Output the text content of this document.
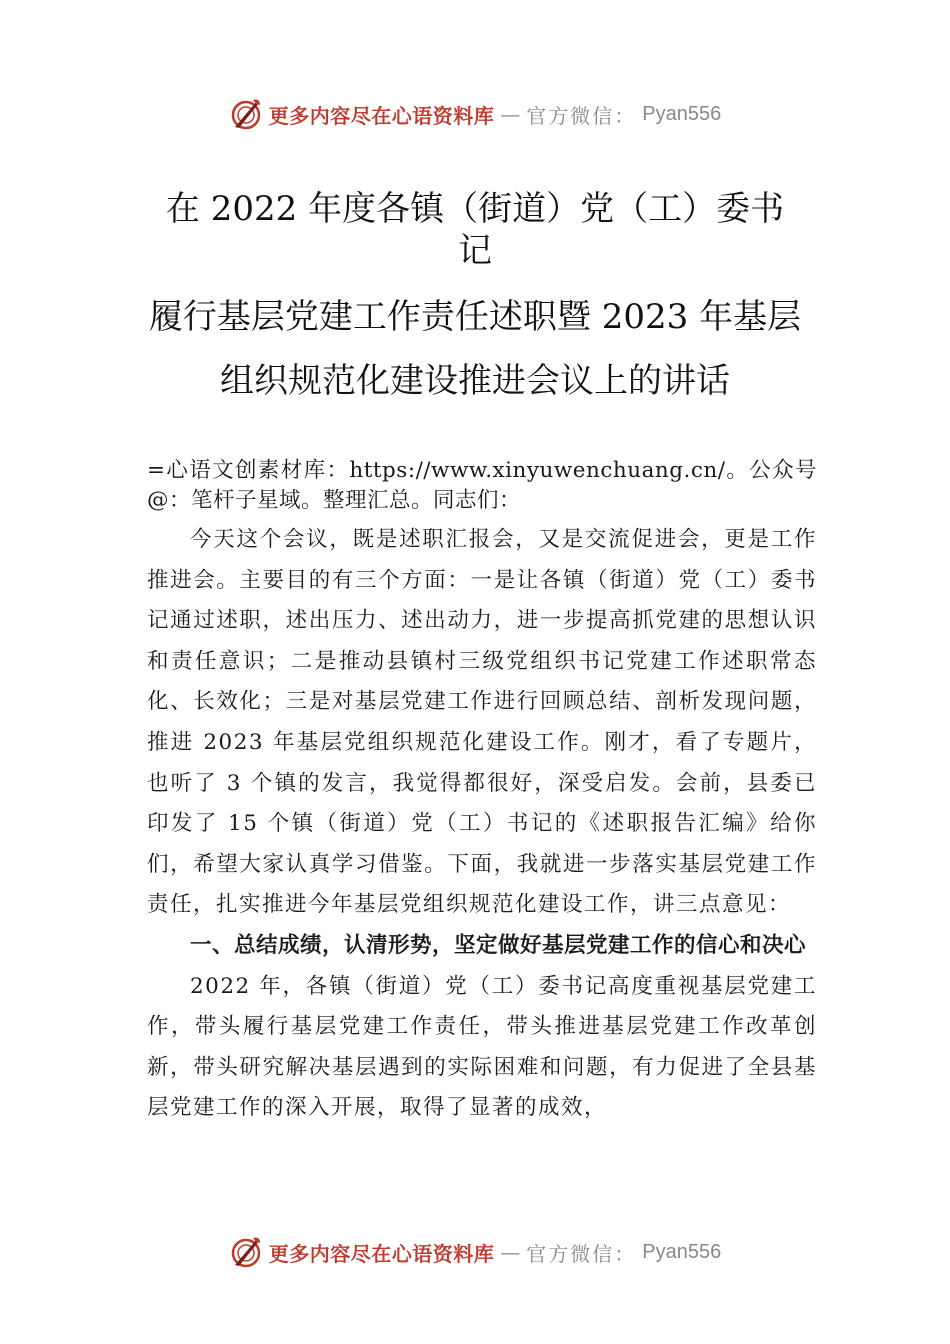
更多内容尽在心语资料库 — 官方微信： Pyan556
在 2022 年度各镇（街道）党（工）委书
记
履行基层党建工作责任述职暨 2023 年基层
组织规范化建设推进会议上的讲话

=心语文创素材库：https://www.xinyuwenchuang.cn/。公众号@：笔杆子星域。整理汇总。同志们：

今天这个会议，既是述职汇报会，又是交流促进会，更是工作推进会。主要目的有三个方面：一是让各镇（街道）党（工）委书记通过述职，述出压力、述出动力，进一步提高抓党建的思想认识和责任意识；二是推动县镇村三级党组织书记党建工作述职常态化、长效化；三是对基层党建工作进行回顾总结、剖析发现问题，推进 2023 年基层党组织规范化建设工作。刚才，看了专题片，也听了 3 个镇的发言，我觉得都很好，深受启发。会前，县委已印发了 15 个镇（街道）党（工）书记的《述职报告汇编》给你们，希望大家认真学习借鉴。下面，我就进一步落实基层党建工作责任，扎实推进今年基层党组织规范化建设工作，讲三点意见：

一、总结成绩，认清形势，坚定做好基层党建工作的信心和决心

2022 年，各镇（街道）党（工）委书记高度重视基层党建工作，带头履行基层党建工作责任，带头推进基层党建工作改革创新，带头研究解决基层遇到的实际困难和问题，有力促进了全县基层党建工作的深入开展，取得了显著的成效，

更多内容尽在心语资料库 — 官方微信： Pyan556
